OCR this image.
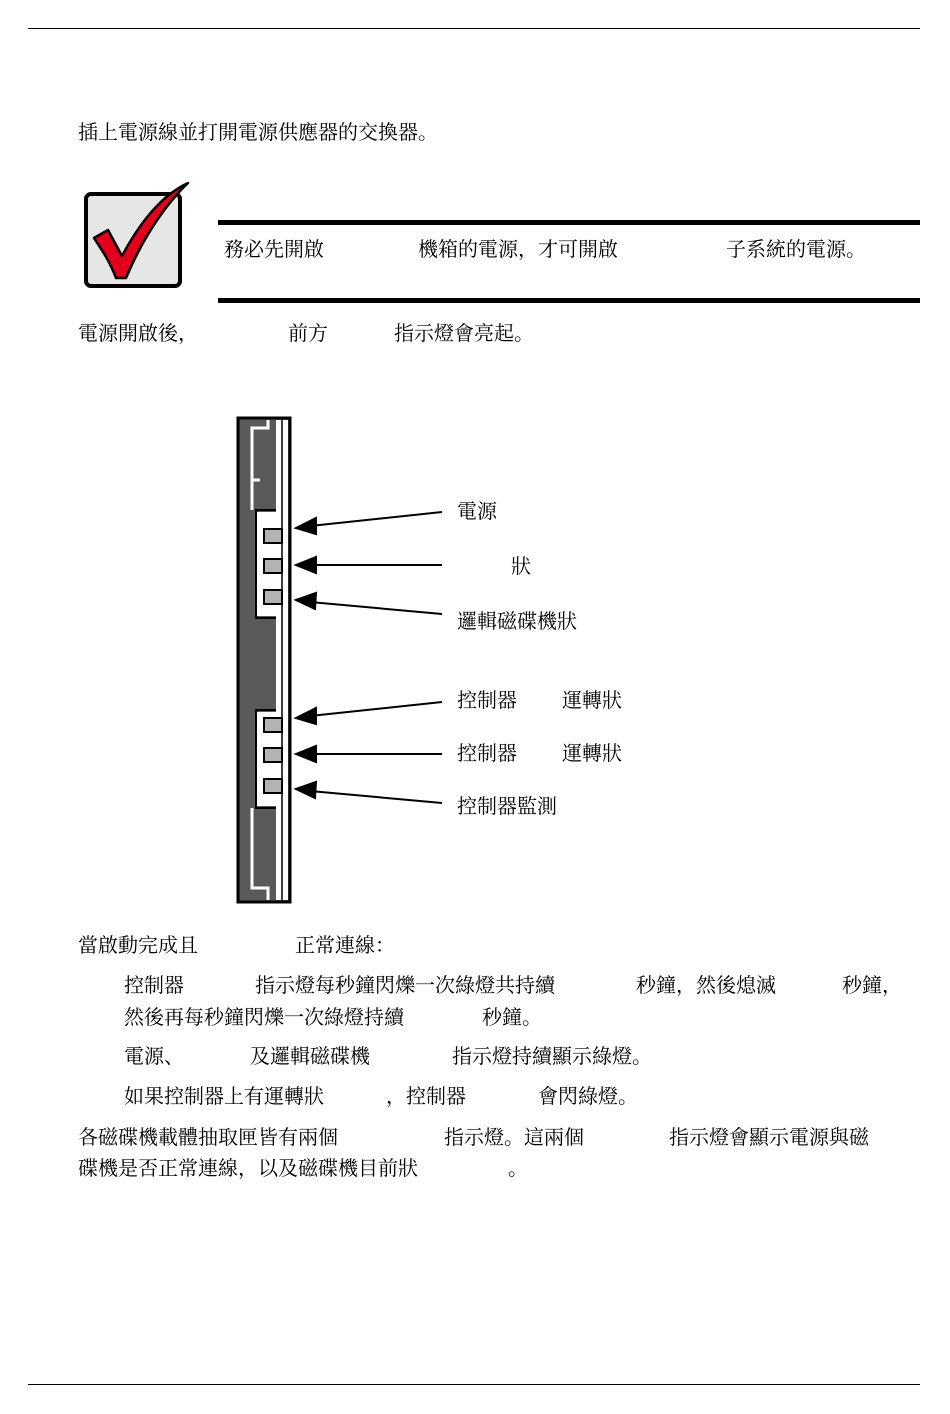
插上電源線並打開電源供應器的交換器。
務必先開啟	機箱的電源，才可開啟	子系統的電源。
電源開啟後，	前方	指示燈會亮起。
電源
狀
邏輯磁碟機狀
控制器 運轉狀
控制器 運轉狀
控制器監測
當啟動完成且	正常連線：
控制器	指示燈每秒鐘閃爍一次綠燈共持續	秒鐘，然後熄滅	秒鐘，
然後再每秒鐘閃爍一次綠燈持續	秒鐘。
電源、	及邏輯磁碟機	指示燈持續顯示綠燈。
如果控制器上有運轉狀	，控制器	會閃綠燈。
各磁碟機載體抽取匣皆有兩個	指示燈。這兩個	指示燈會顯示電源與磁
碟機是否正常連線，以及磁碟機目前狀	。
